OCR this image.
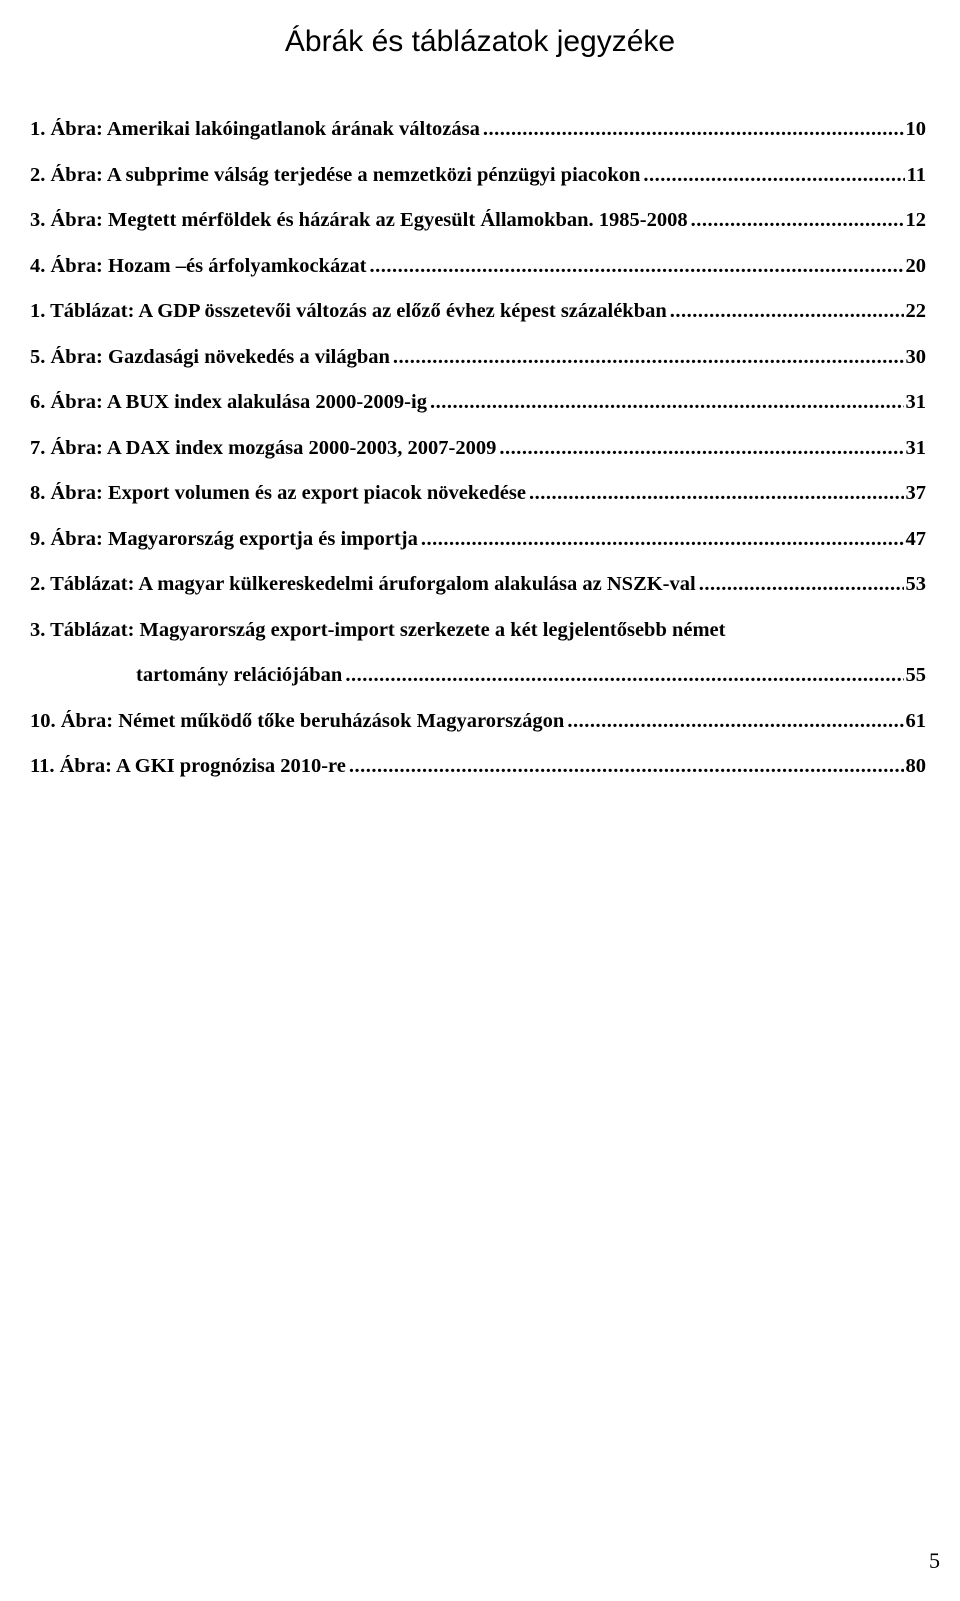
Ábrák és táblázatok jegyzéke
1. Ábra: Amerikai lakóingatlanok árának változása .....	10
2. Ábra: A subprime válság terjedése a nemzetközi pénzügyi piacokon .....	11
3. Ábra: Megtett mérföldek és házárak az Egyesült Államokban. 1985-2008 .....	12
4. Ábra: Hozam –és árfolyamkockázat .....	20
1. Táblázat: A GDP összetevői változás az előző évhez képest százalékban .....	22
5. Ábra: Gazdasági növekedés a világban .....	30
6. Ábra: A BUX index alakulása 2000-2009-ig .....	31
7. Ábra: A DAX index mozgása 2000-2003, 2007-2009 .....	31
8. Ábra: Export volumen és az export piacok növekedése .....	37
9. Ábra: Magyarország exportja és importja .....	47
2. Táblázat: A magyar külkereskedelmi áruforgalom alakulása az NSZK-val .....	53
3. Táblázat: Magyarország export-import szerkezete a két legjelentősebb német
tartomány relációjában .....	55
10. Ábra: Német működő tőke beruházások Magyarországon .....	61
11. Ábra: A GKI prognózisa 2010-re .....	80
5
